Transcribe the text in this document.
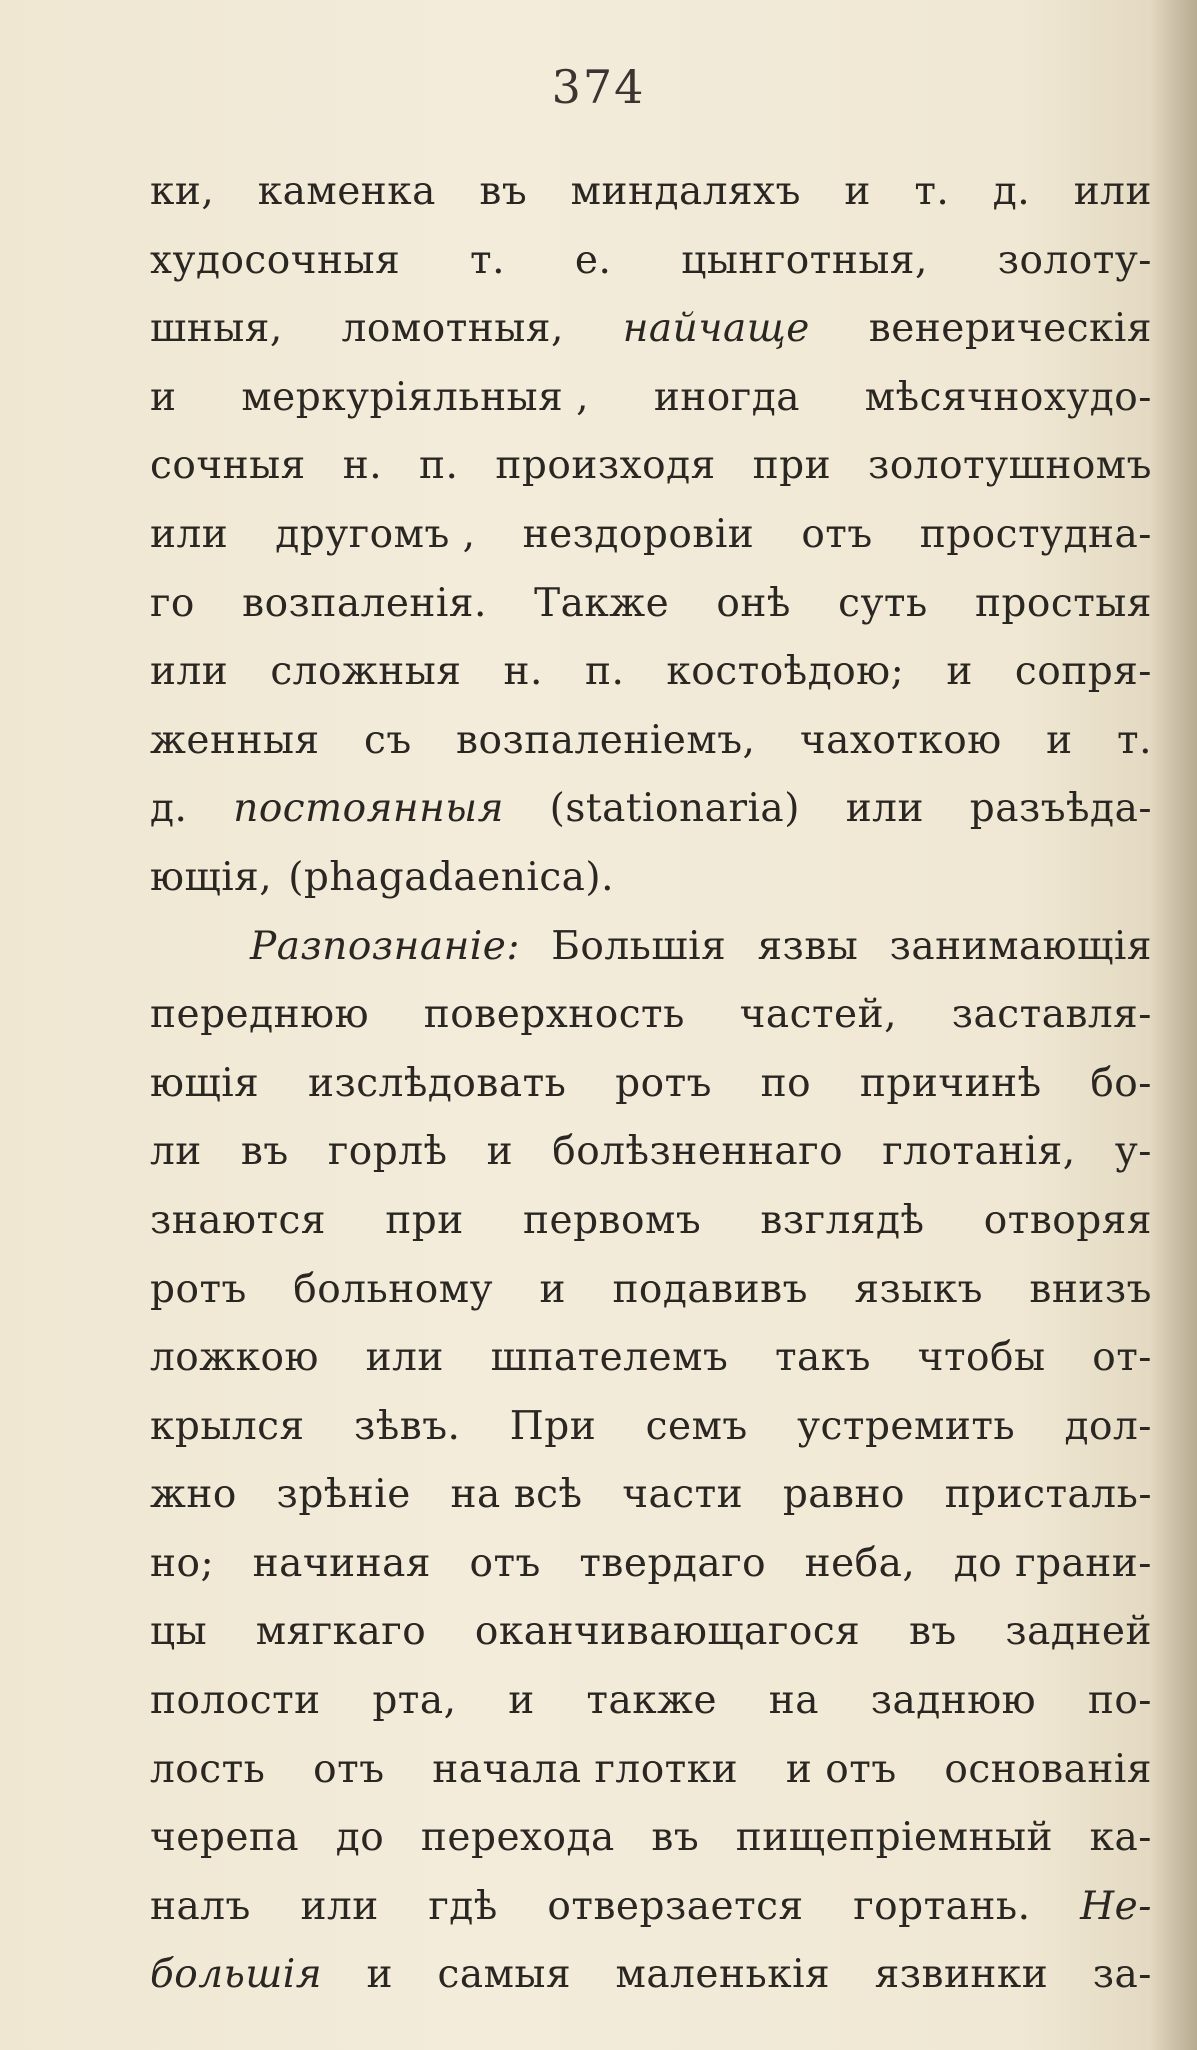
374
ки, каменка въ миндаляхъ и т. д. или
худосочныя т. е. цынготныя, золоту-
шныя, ломотныя, найчаще венерическія
и меркуріяльныя , иногда мѣсячнохудо-
сочныя н. п. произходя при золотушномъ
или другомъ , нездоровіи отъ простудна-
го возпаленія. Также онѣ суть простыя
или сложныя н. п. костоѣдою; и сопря-
женныя съ возпаленіемъ, чахоткою и т.
д. постоянныя (stationaria) или разъѣда-
ющія, (phagadaenica).
Разпознаніе: Большія язвы занимающія
переднюю поверхность частей, заставля-
ющія изслѣдовать ротъ по причинѣ бо-
ли въ горлѣ и болѣзненнаго глотанія, у-
знаются при первомъ взглядѣ отворяя
ротъ больному и подавивъ языкъ внизъ
ложкою или шпателемъ такъ чтобы от-
крылся зѣвъ. При семъ устремить дол-
жно зрѣніе на всѣ части равно присталь-
но; начиная отъ твердаго неба, до грани-
цы мягкаго оканчивающагося въ задней
полости рта, и также на заднюю по-
лость отъ начала глотки и отъ основанія
черепа до перехода въ пищепріемный ка-
налъ или гдѣ отверзается гортань. Не-
большія и самыя маленькія язвинки за-
